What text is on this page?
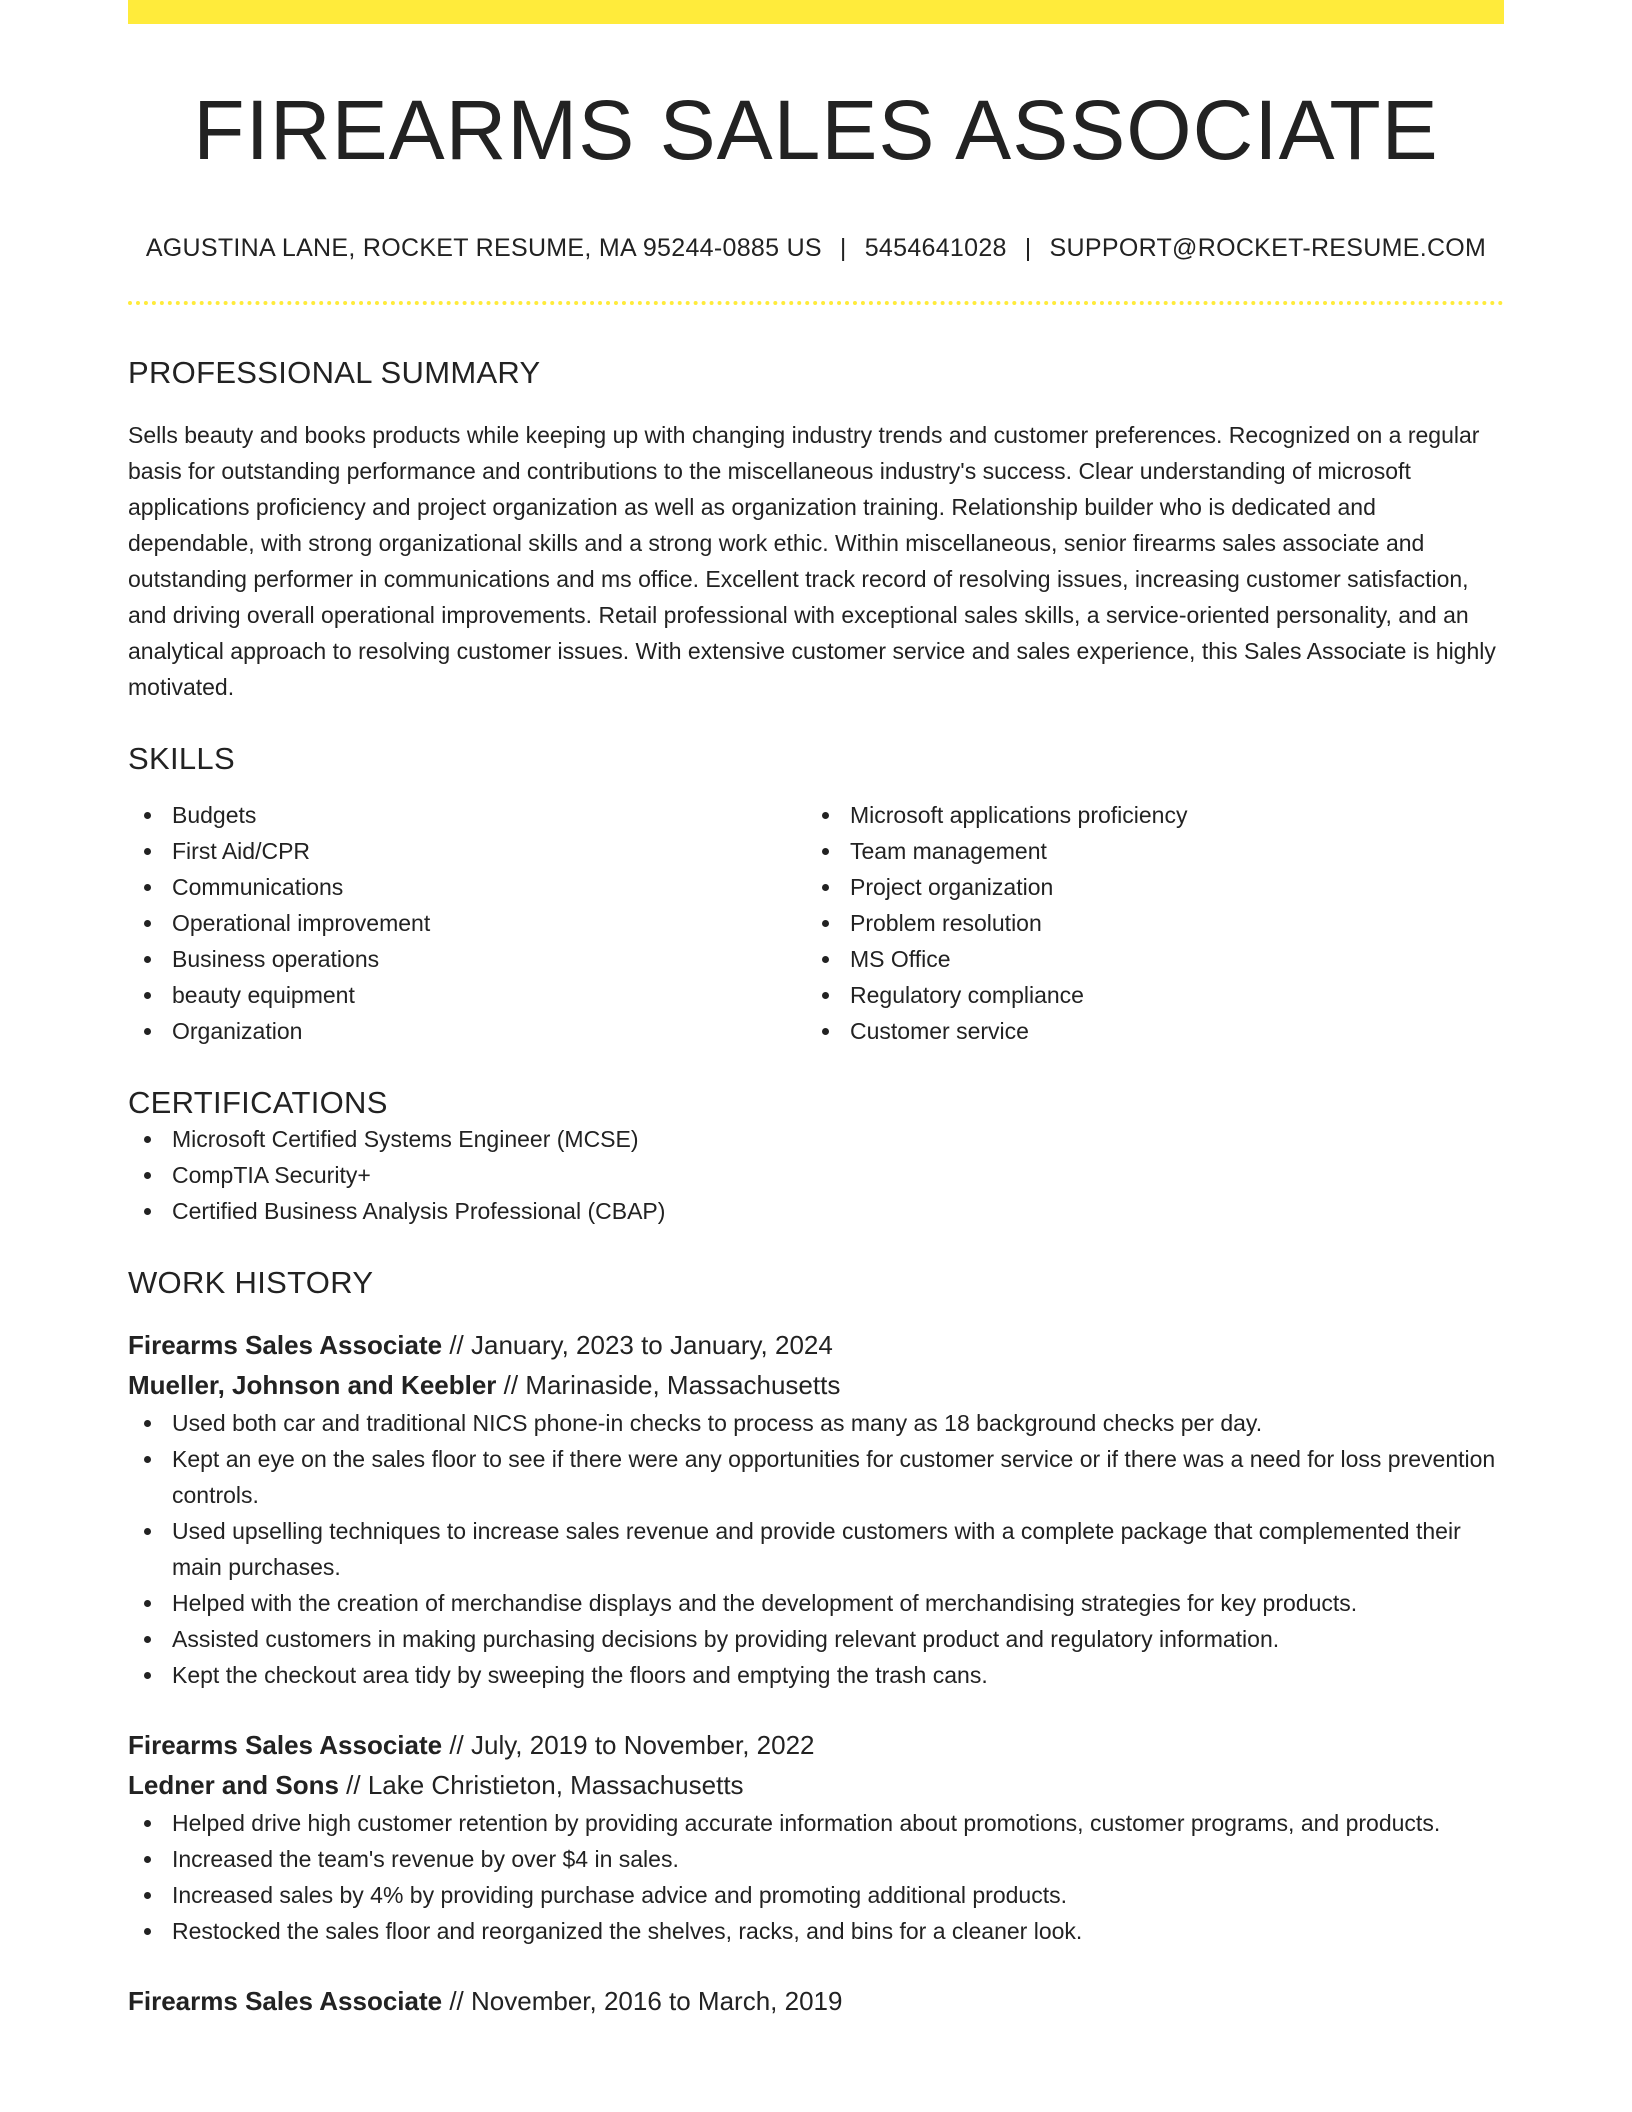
FIREARMS SALES ASSOCIATE
AGUSTINA LANE, ROCKET RESUME, MA 95244-0885 US | 5454641028 | SUPPORT@ROCKET-RESUME.COM
PROFESSIONAL SUMMARY

Sells beauty and books products while keeping up with changing industry trends and customer preferences. Recognized on a regular basis for outstanding performance and contributions to the miscellaneous industry's success. Clear understanding of microsoft applications proficiency and project organization as well as organization training. Relationship builder who is dedicated and dependable, with strong organizational skills and a strong work ethic. Within miscellaneous, senior firearms sales associate and outstanding performer in communications and ms office. Excellent track record of resolving issues, increasing customer satisfaction, and driving overall operational improvements. Retail professional with exceptional sales skills, a service-oriented personality, and an analytical approach to resolving customer issues. With extensive customer service and sales experience, this Sales Associate is highly motivated.

SKILLS
Budgets
First Aid/CPR
Communications
Operational improvement
Business operations
beauty equipment
Organization
Microsoft applications proficiency
Team management
Project organization
Problem resolution
MS Office
Regulatory compliance
Customer service
CERTIFICATIONS
Microsoft Certified Systems Engineer (MCSE)
CompTIA Security+
Certified Business Analysis Professional (CBAP)
WORK HISTORY
Firearms Sales Associate // January, 2023 to January, 2024
Mueller, Johnson and Keebler // Marinaside, Massachusetts
Used both car and traditional NICS phone-in checks to process as many as 18 background checks per day.
Kept an eye on the sales floor to see if there were any opportunities for customer service or if there was a need for loss prevention controls.
Used upselling techniques to increase sales revenue and provide customers with a complete package that complemented their main purchases.
Helped with the creation of merchandise displays and the development of merchandising strategies for key products.
Assisted customers in making purchasing decisions by providing relevant product and regulatory information.
Kept the checkout area tidy by sweeping the floors and emptying the trash cans.
Firearms Sales Associate // July, 2019 to November, 2022
Ledner and Sons // Lake Christieton, Massachusetts
Helped drive high customer retention by providing accurate information about promotions, customer programs, and products.
Increased the team's revenue by over $4 in sales.
Increased sales by 4% by providing purchase advice and promoting additional products.
Restocked the sales floor and reorganized the shelves, racks, and bins for a cleaner look.
Firearms Sales Associate // November, 2016 to March, 2019
